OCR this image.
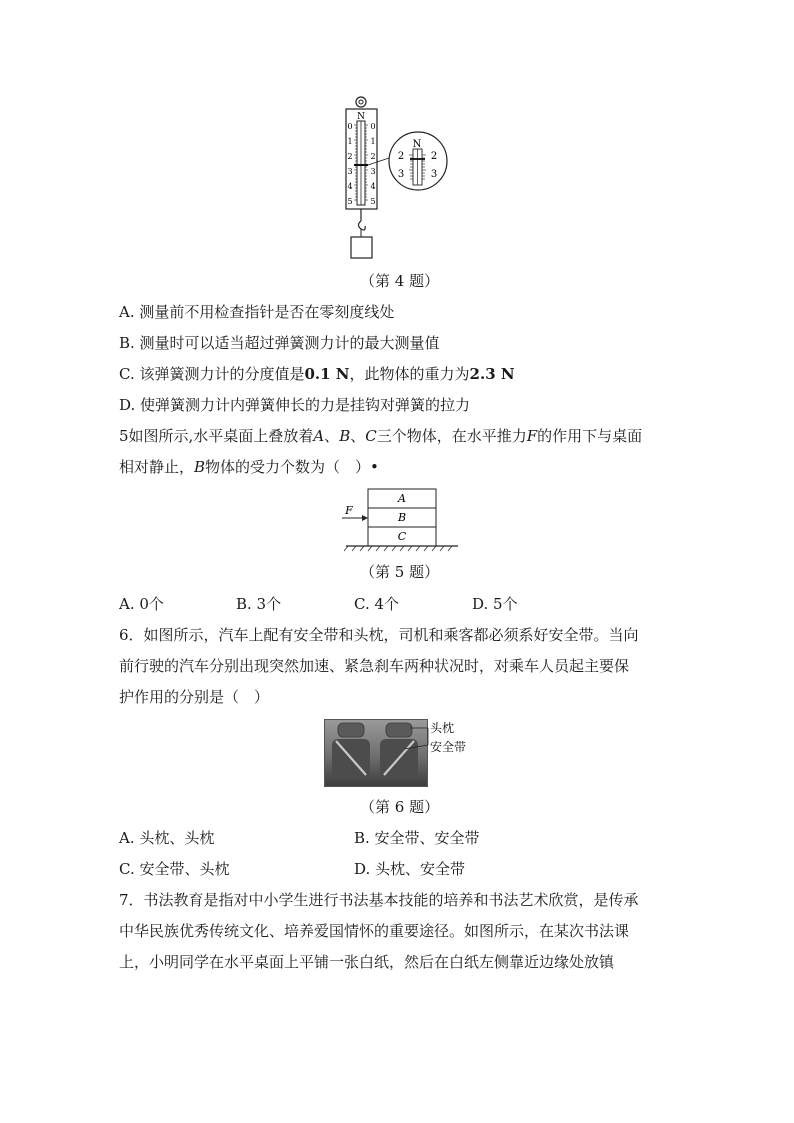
N
0
1
2
3
4
5
0
1
2
3
4
5
N
2
3
2
3
（第 4 题）
A. 测量前不用检查指针是否在零刻度线处
B. 测量时可以适当超过弹簧测力计的最大测量值
C. 该弹簧测力计的分度值是0.1 N，此物体的重力为2.3 N
D. 使弹簧测力计内弹簧伸长的力是挂钩对弹簧的拉力
5如图所示,水平桌面上叠放着A、B、C三个物体，在水平推力F的作用下与桌面
相对静止，B物体的受力个数为（　）•
A
B
C
F
（第 5 题）
A. 0个	B. 3个	C. 4个	D. 5个
6．如图所示，汽车上配有安全带和头枕，司机和乘客都必须系好安全带。当向
前行驶的汽车分别出现突然加速、紧急刹车两种状况时，对乘车人员起主要保
护作用的分别是（　）
头枕
安全带
（第 6 题）
A. 头枕、头枕	B. 安全带、安全带
C. 安全带、头枕	D. 头枕、安全带
7．书法教育是指对中小学生进行书法基本技能的培养和书法艺术欣赏，是传承
中华民族优秀传统文化、培养爱国情怀的重要途径。如图所示，在某次书法课
上，小明同学在水平桌面上平铺一张白纸，然后在白纸左侧靠近边缘处放镇
